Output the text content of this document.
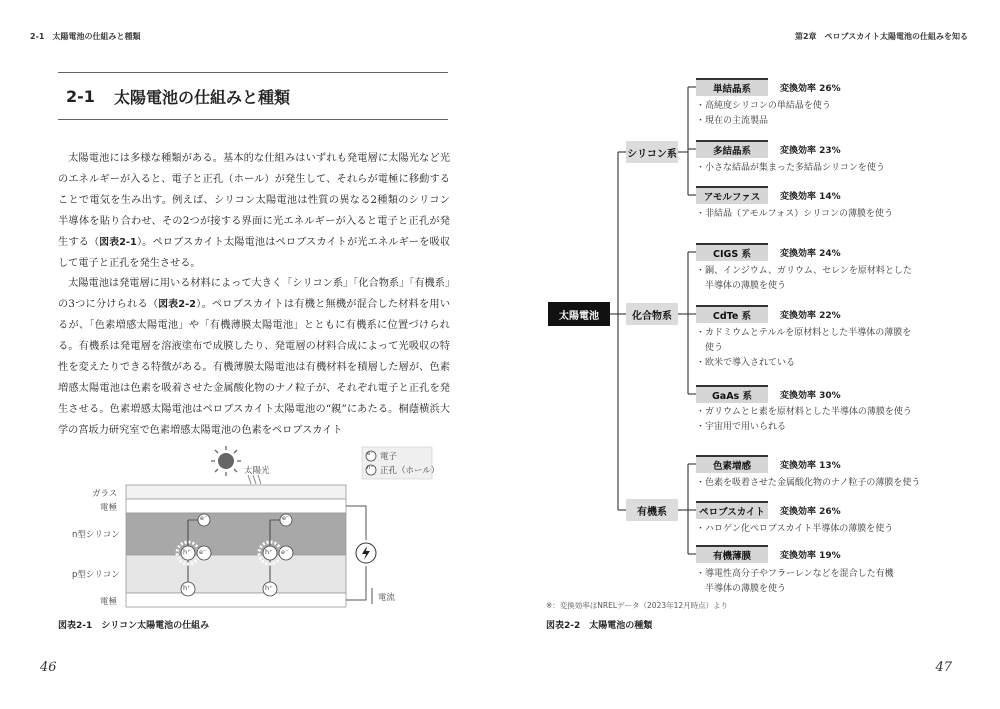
2-1　太陽電池の仕組みと種類
2-1	太陽電池の仕組みと種類

太陽電池には多様な種類がある。基本的な仕組みはいずれも発電層に太陽光など光のエネルギーが入ると、電子と正孔（ホール）が発生して、それらが電極に移動することで電気を生み出す。例えば、シリコン太陽電池は性質の異なる2種類のシリコン半導体を貼り合わせ、その2つが接する界面に光エネルギーが入ると電子と正孔が発生する（図表2-1）。ペロブスカイト太陽電池はペロブスカイトが光エネルギーを吸収して電子と正孔を発生させる。

太陽電池は発電層に用いる材料によって大きく「シリコン系」「化合物系」「有機系」の3つに分けられる（図表2-2）。ペロブスカイトは有機と無機が混合した材料を用いるが、「色素増感太陽電池」や「有機薄膜太陽電池」とともに有機系に位置づけられる。有機系は発電層を溶液塗布で成膜したり、発電層の材料合成によって光吸収の特性を変えたりできる特徴がある。有機薄膜太陽電池は有機材料を積層した層が、色素増感太陽電池は色素を吸着させた金属酸化物のナノ粒子が、それぞれ電子と正孔を発生させる。色素増感太陽電池はペロブスカイト太陽電池の“親”にあたる。桐蔭横浜大学の宮坂力研究室で色素増感太陽電池の色素をペロブスカイト

e⁻	e⁻
h⁺ e⁻	h⁺ e⁻
h⁺	h⁺
e⁻ 電子
h⁺ 正孔（ホール）
太陽光
ガラス
電極
n型シリコン
p型シリコン
電極	電流
図表2-1　シリコン太陽電池の仕組み
46
第2章　ペロブスカイト太陽電池の仕組みを知る
太陽電池
シリコン系
化合物系
有機系
単結晶系	変換効率 26%
・高純度シリコンの単結晶を使う
・現在の主流製品
多結晶系	変換効率 23%
・小さな結晶が集まった多結晶シリコンを使う
アモルファス	変換効率 14%
・非結晶（アモルフォス）シリコンの薄膜を使う
CIGS 系	変換効率 24%
・銅、インジウム、ガリウム、セレンを原材料とした
　半導体の薄膜を使う
CdTe 系	変換効率 22%
・カドミウムとテルルを原材料とした半導体の薄膜を
　使う
・欧米で導入されている
GaAs 系	変換効率 30%
・ガリウムとヒ素を原材料とした半導体の薄膜を使う
・宇宙用で用いられる
色素増感	変換効率 13%
・色素を吸着させた金属酸化物のナノ粒子の薄膜を使う
ペロブスカイト	変換効率 26%
・ハロゲン化ペロブスカイト半導体の薄膜を使う
有機薄膜	変換効率 19%
・導電性高分子やフラーレンなどを混合した有機
　半導体の薄膜を使う
※：変換効率はNRELデータ（2023年12月時点）より
図表2-2　太陽電池の種類
47
